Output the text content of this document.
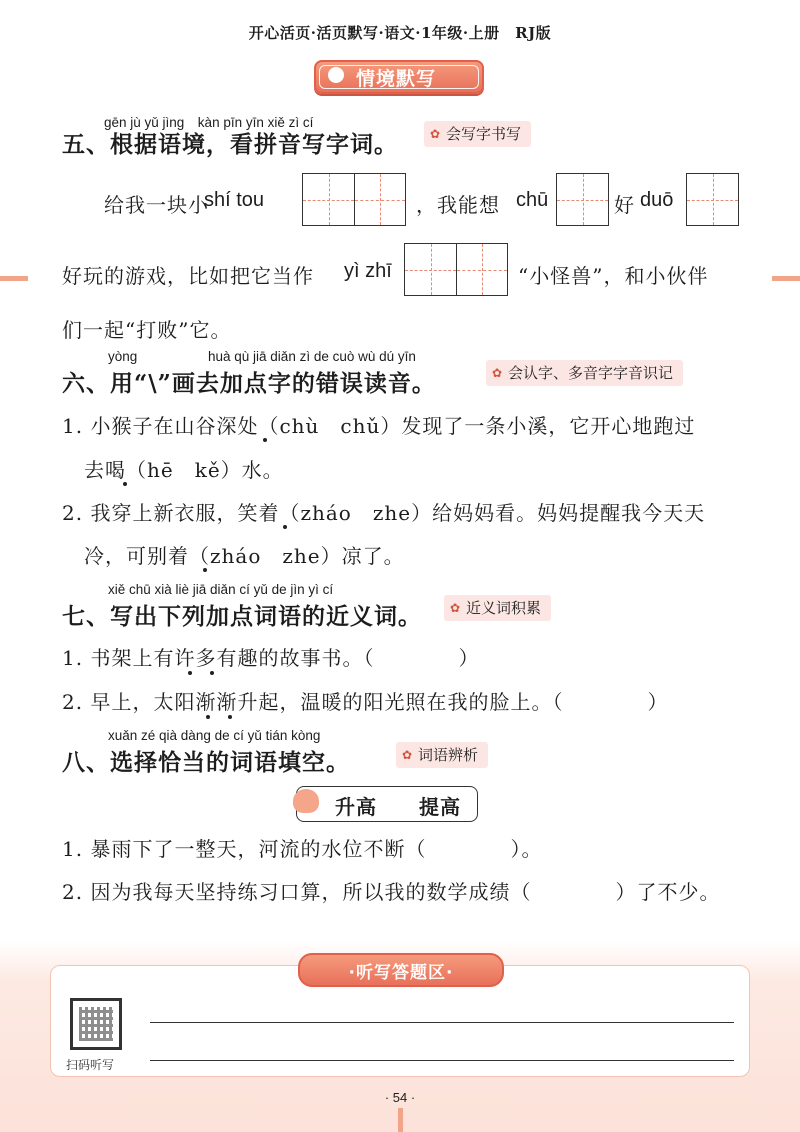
开心活页·活页默写·语文·1年级·上册　RJ版
情境默写
gēn jù yǔ jìng　kàn pīn yīn xiě zì cí
五、根据语境，看拼音写字词。	✿ 会写字书写
给我一块小
shí tou	，我能想 chū	好 duō
好玩的游戏，比如把它当作 yì zhī	“小怪兽”，和小伙伴
们一起“打败”它。
yòng	huà qù jiā diǎn zì de cuò wù dú yīn
六、用“\”画去加点字的错误读音。	✿ 会认字、多音字字音识记
1. 小猴子在山谷深处（chù　chǔ）发现了一条小溪，它开心地跑过
去喝（hē　kě）水。
2. 我穿上新衣服，笑着（zháo　zhe）给妈妈看。妈妈提醒我今天天
冷，可别着（zháo　zhe）凉了。
xiě chū xià liè jiā diǎn cí yǔ de jìn yì cí
七、写出下列加点词语的近义词。	✿ 近义词积累
1. 书架上有许多有趣的故事书。（　　　　）
2. 早上，太阳渐渐升起，温暖的阳光照在我的脸上。（　　　　）
xuǎn zé qià dàng de cí yǔ tián kòng
八、选择恰当的词语填空。	✿ 词语辨析
升高　　提高
1. 暴雨下了一整天，河流的水位不断（　　　　）。
2. 因为我每天坚持练习口算，所以我的数学成绩（　　　　）了不少。
·听写答题区·
扫码听写
· 54 ·
